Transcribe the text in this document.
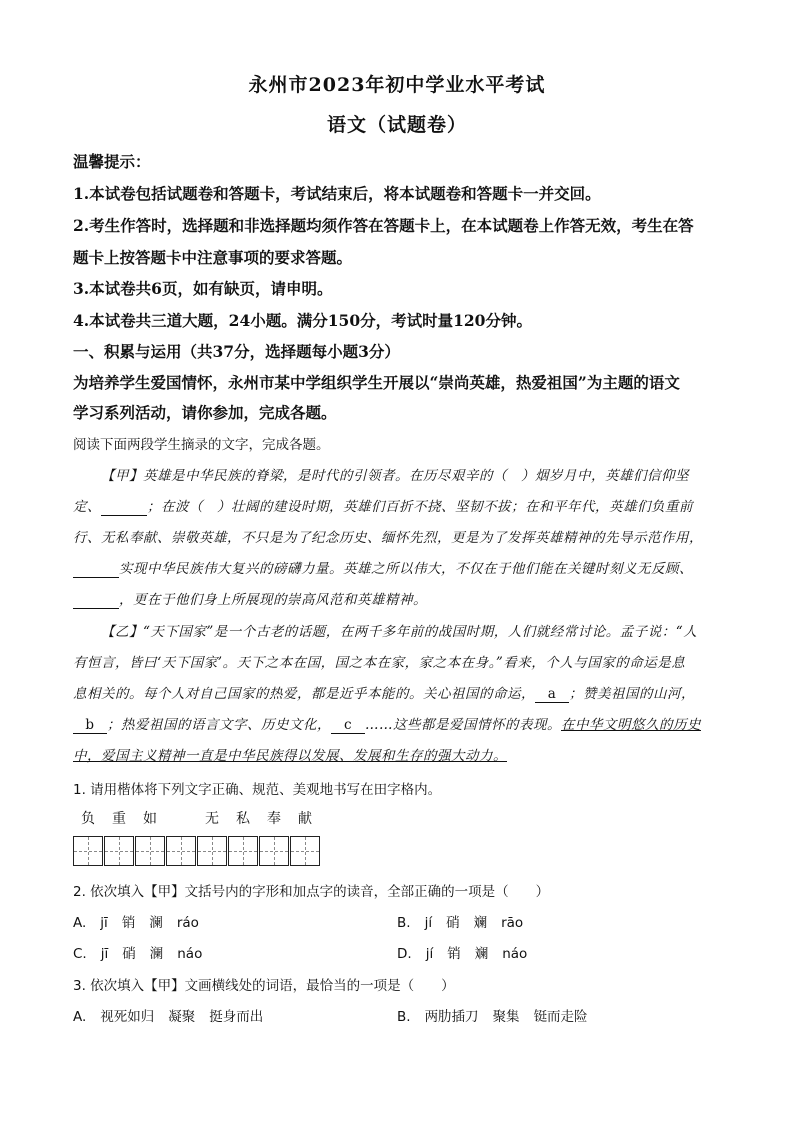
永州市2023年初中学业水平考试
语文（试题卷）
温馨提示：
1.本试卷包括试题卷和答题卡，考试结束后，将本试题卷和答题卡一并交回。
2.考生作答时，选择题和非选择题均须作答在答题卡上，在本试题卷上作答无效，考生在答
题卡上按答题卡中注意事项的要求答题。
3.本试卷共6页，如有缺页，请申明。
4.本试卷共三道大题，24小题。满分150分，考试时量120分钟。
一、积累与运用（共37分，选择题每小题3分）
为培养学生爱国情怀，永州市某中学组织学生开展以“崇尚英雄，热爱祖国”为主题的语文
学习系列活动，请你参加，完成各题。
阅读下面两段学生摘录的文字，完成各题。
【甲】英雄是中华民族的脊梁，是时代的引领者。在历尽艰辛的（　）烟岁月中，英雄们信仰坚
定、	；在波（　）壮阔的建设时期，英雄们百折不挠、坚韧不拔；在和平年代，英雄们负重前
行、无私奉献、崇敬英雄，不只是为了纪念历史、缅怀先烈，更是为了发挥英雄精神的先导示范作用，
实现中华民族伟大复兴的磅礴力量。英雄之所以伟大，不仅在于他们能在关键时刻义无反顾、
，更在于他们身上所展现的崇高风范和英雄精神。
【乙】“天下国家”是一个古老的话题，在两千多年前的战国时期，人们就经常讨论。孟子说：“人
有恒言，皆曰‘天下国家’。天下之本在国，国之本在家，家之本在身。”看来，个人与国家的命运是息
息相关的。每个人对自己国家的热爱，都是近乎本能的。关心祖国的命运， a ；赞美祖国的山河，
b ；热爱祖国的语言文字、历史文化， c ……这些都是爱国情怀的表现。在中华文明悠久的历史
中，爱国主义精神一直是中华民族得以发展、发展和生存的强大动力。
1. 请用楷体将下列文字正确、规范、美观地书写在田字格内。
负	重	如	无	私	奉	献
2. 依次填入【甲】文括号内的字形和加点字的读音，全部正确的一项是（　　）
A. jī 销 澜 ráo	B. jí 硝 斓 rāo
C. jī 硝 澜 náo	D. jí 销 斓 náo
3. 依次填入【甲】文画横线处的词语，最恰当的一项是（　　）
A. 视死如归 凝聚 挺身而出	B. 两肋插刀 聚集 铤而走险
